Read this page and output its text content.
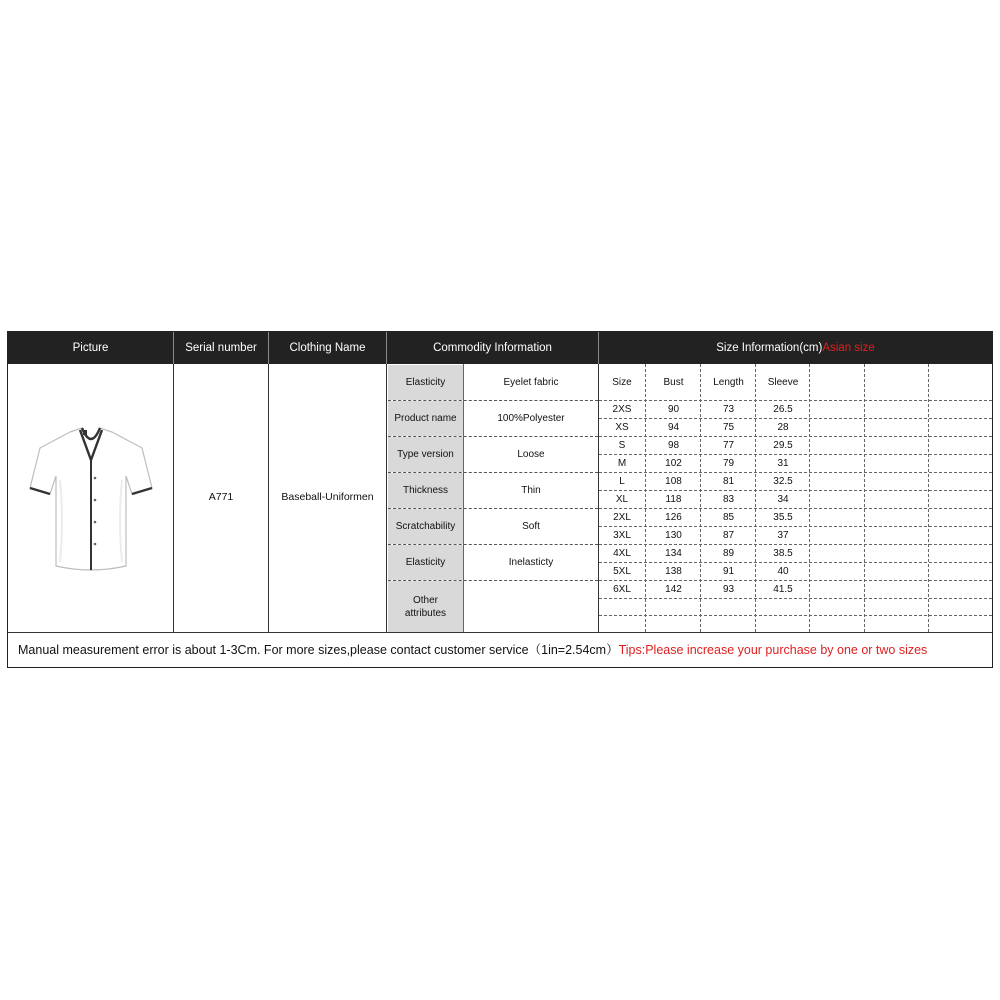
Picture	Serial number	Clothing Name	Commodity Information	Size Information(cm)Asian size
A771	Baseball-Uniformen
Elasticity	Eyelet fabric
Product name	100%Polyester
Type version	Loose
Thickness	Thin
Scratchability	Soft
Elasticity	Inelasticty
Other attributes
Size	Bust	Length	Sleeve
2XS	90	73	26.5
XS	94	75	28
S	98	77	29.5
M	102	79	31
L	108	81	32.5
XL	118	83	34
2XL	126	85	35.5
3XL	130	87	37
4XL	134	89	38.5
5XL	138	91	40
6XL	142	93	41.5
Manual measurement error is about 1-3Cm. For more sizes,please contact customer service（1in=2.54cm）Tips:Please increase your purchase by one or two sizes
